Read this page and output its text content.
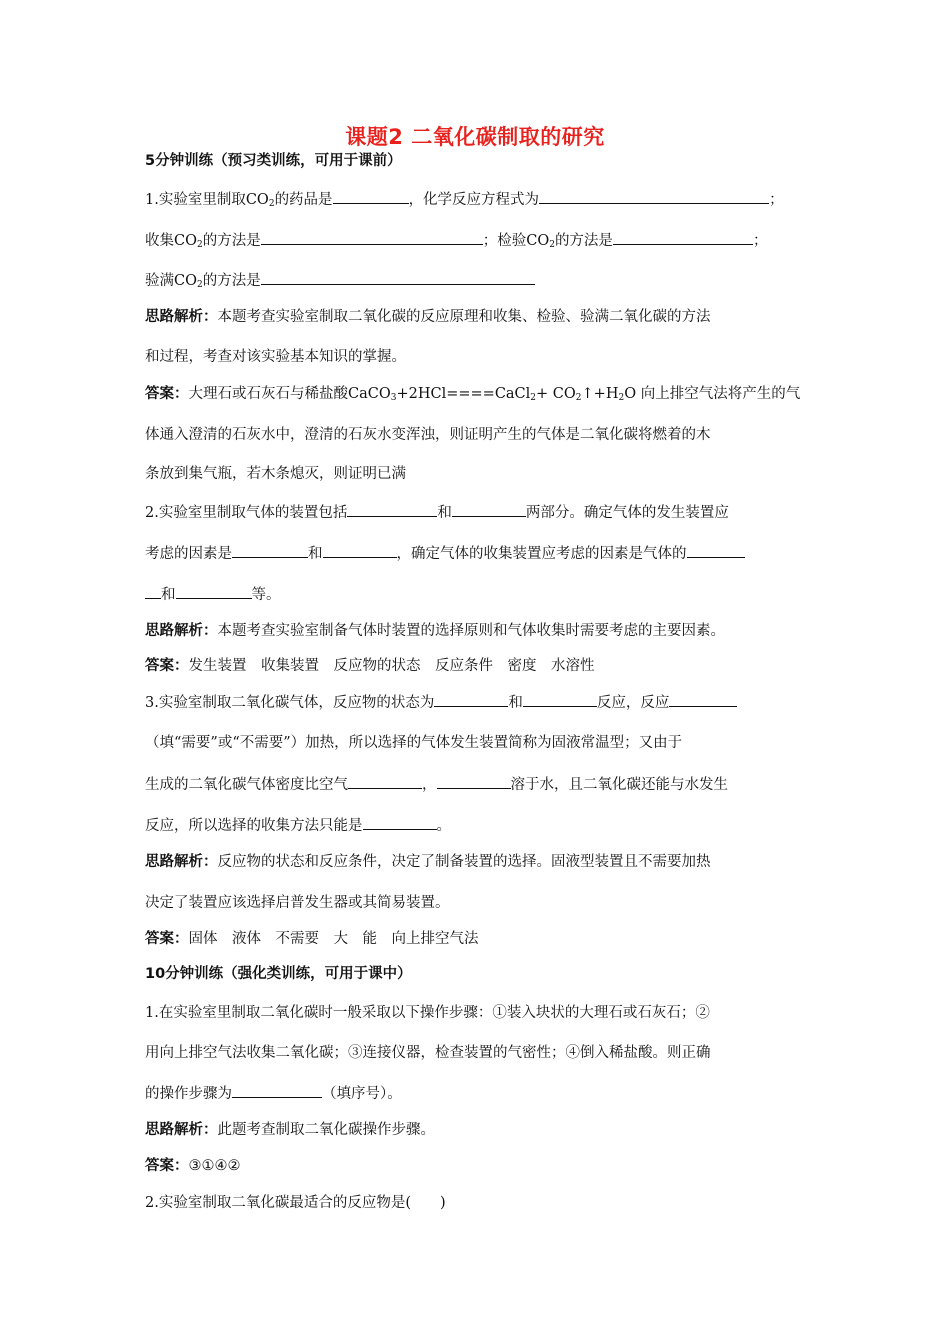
课题2 二氧化碳制取的研究
5分钟训练（预习类训练，可用于课前）
1.实验室里制取$CO_2$的药品是	，化学反应方程式为	；
收集$CO_2$的方法是	；检验$CO_2$的方法是	；
验满$CO_2$的方法是
思路解析：本题考查实验室制取二氧化碳的反应原理和收集、检验、验满二氧化碳的方法
和过程，考查对该实验基本知识的掌握。
答案：大理石或石灰石与稀盐酸CaCO$_3$+2HCl====CaCl$_2$+ $CO_2↑+H_2O$ 向上排空气法将产生的气
体通入澄清的石灰水中，澄清的石灰水变浑浊，则证明产生的气体是二氧化碳将燃着的木
条放到集气瓶，若木条熄灭，则证明已满
2.实验室里制取气体的装置包括	和	两部分。确定气体的发生装置应
考虑的因素是	和	，确定气体的收集装置应考虑的因素是气体的
和	等。
思路解析：本题考查实验室制备气体时装置的选择原则和气体收集时需要考虑的主要因素。
答案：发生装置　收集装置　反应物的状态　反应条件　密度　水溶性
3.实验室制取二氧化碳气体，反应物的状态为	和	反应，反应
（填“需要”或“不需要”）加热，所以选择的气体发生装置简称为固液常温型；又由于
生成的二氧化碳气体密度比空气	，	溶于水，且二氧化碳还能与水发生
反应，所以选择的收集方法只能是	。
思路解析：反应物的状态和反应条件，决定了制备装置的选择。固液型装置且不需要加热
决定了装置应该选择启普发生器或其简易装置。
答案：固体　液体　不需要　大　能　向上排空气法
10分钟训练（强化类训练，可用于课中）
1.在实验室里制取二氧化碳时一般采取以下操作步骤：①装入块状的大理石或石灰石；②
用向上排空气法收集二氧化碳；③连接仪器，检查装置的气密性；④倒入稀盐酸。则正确
的操作步骤为	（填序号）。
思路解析：此题考查制取二氧化碳操作步骤。
答案：③①④②
2.实验室制取二氧化碳最适合的反应物是(　　)
